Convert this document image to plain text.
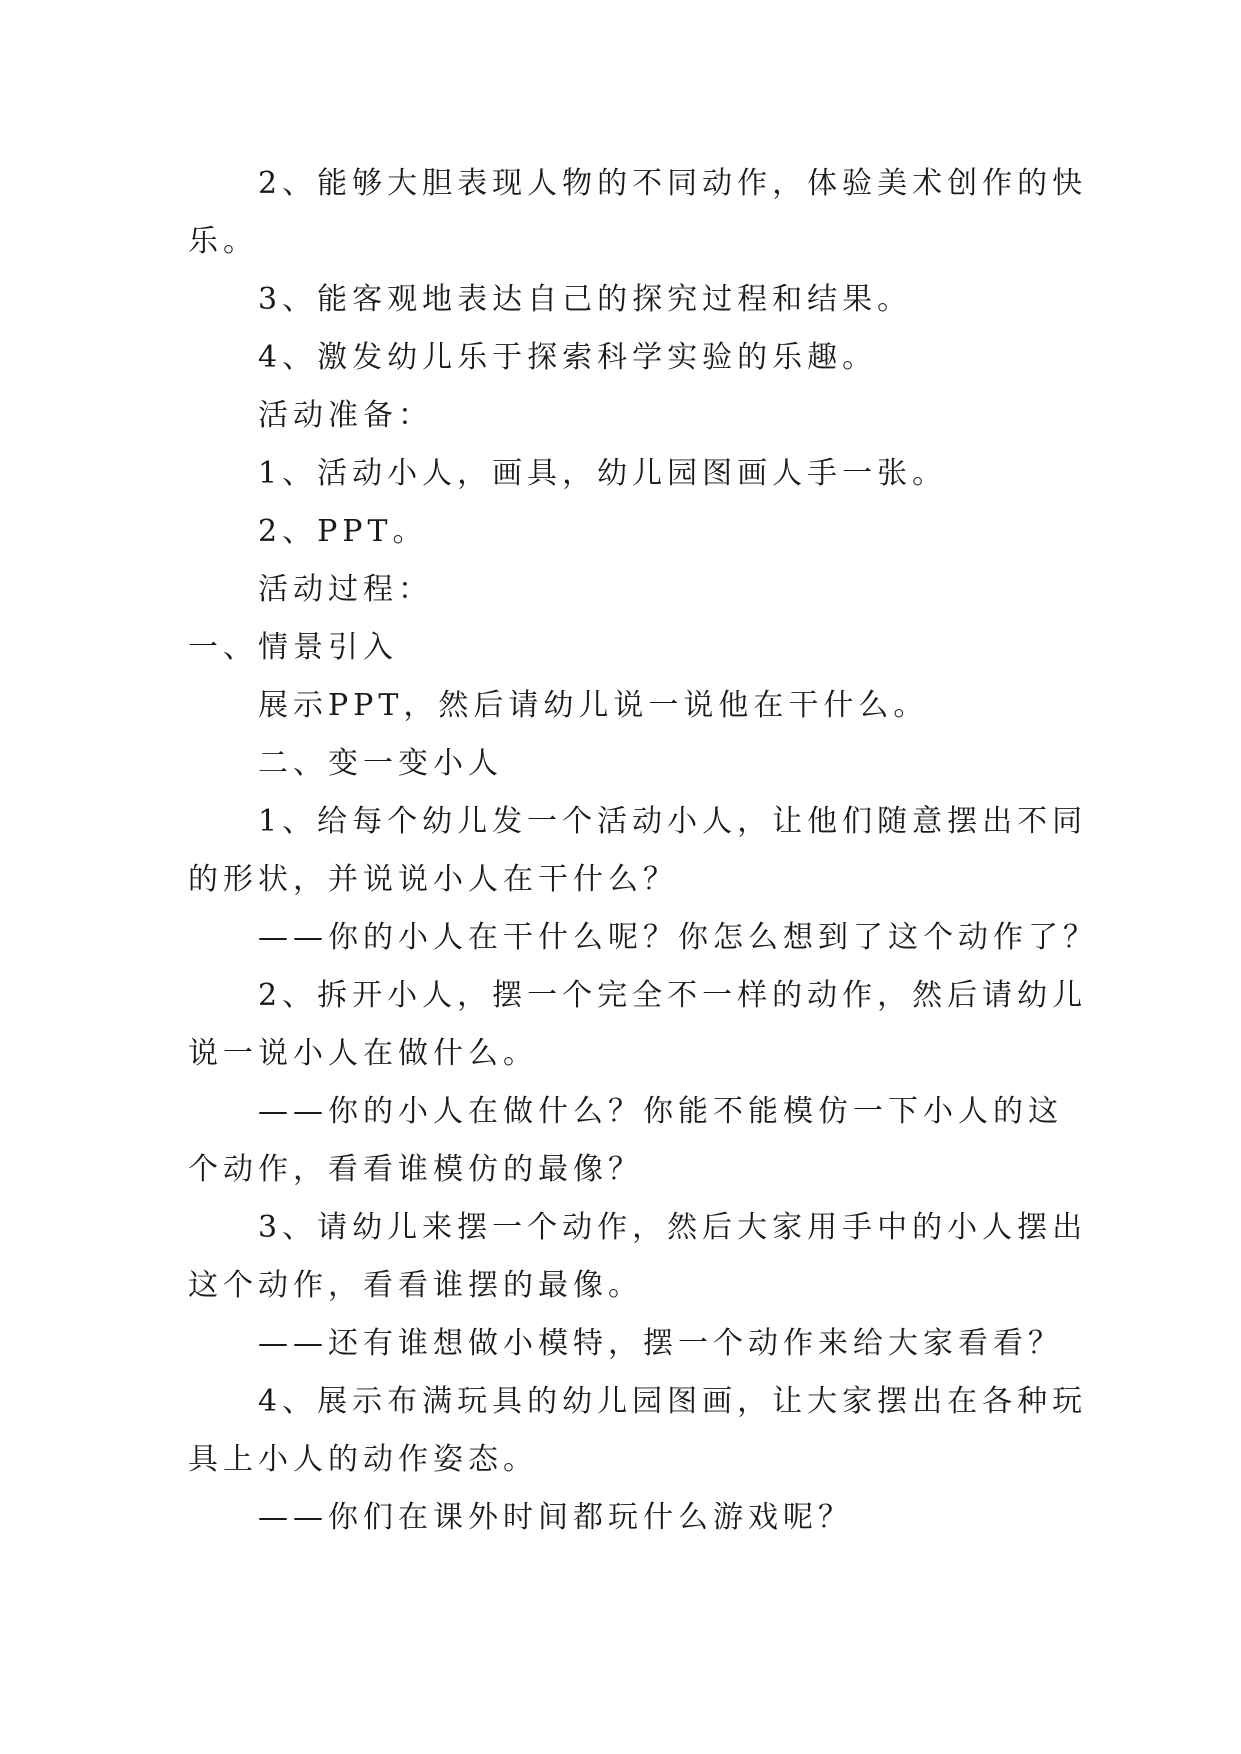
2、能够大胆表现人物的不同动作，体验美术创作的快

乐。

3、能客观地表达自己的探究过程和结果。

4、激发幼儿乐于探索科学实验的乐趣。

活动准备：

1、活动小人，画具，幼儿园图画人手一张。

2、PPT。

活动过程：

一、情景引入

展示PPT，然后请幼儿说一说他在干什么。

二、变一变小人

1、给每个幼儿发一个活动小人，让他们随意摆出不同

的形状，并说说小人在干什么？

——你的小人在干什么呢？你怎么想到了这个动作了？

2、拆开小人，摆一个完全不一样的动作，然后请幼儿

说一说小人在做什么。

——你的小人在做什么？你能不能模仿一下小人的这

个动作，看看谁模仿的最像？

3、请幼儿来摆一个动作，然后大家用手中的小人摆出

这个动作，看看谁摆的最像。

——还有谁想做小模特，摆一个动作来给大家看看？

4、展示布满玩具的幼儿园图画，让大家摆出在各种玩

具上小人的动作姿态。

——你们在课外时间都玩什么游戏呢？
